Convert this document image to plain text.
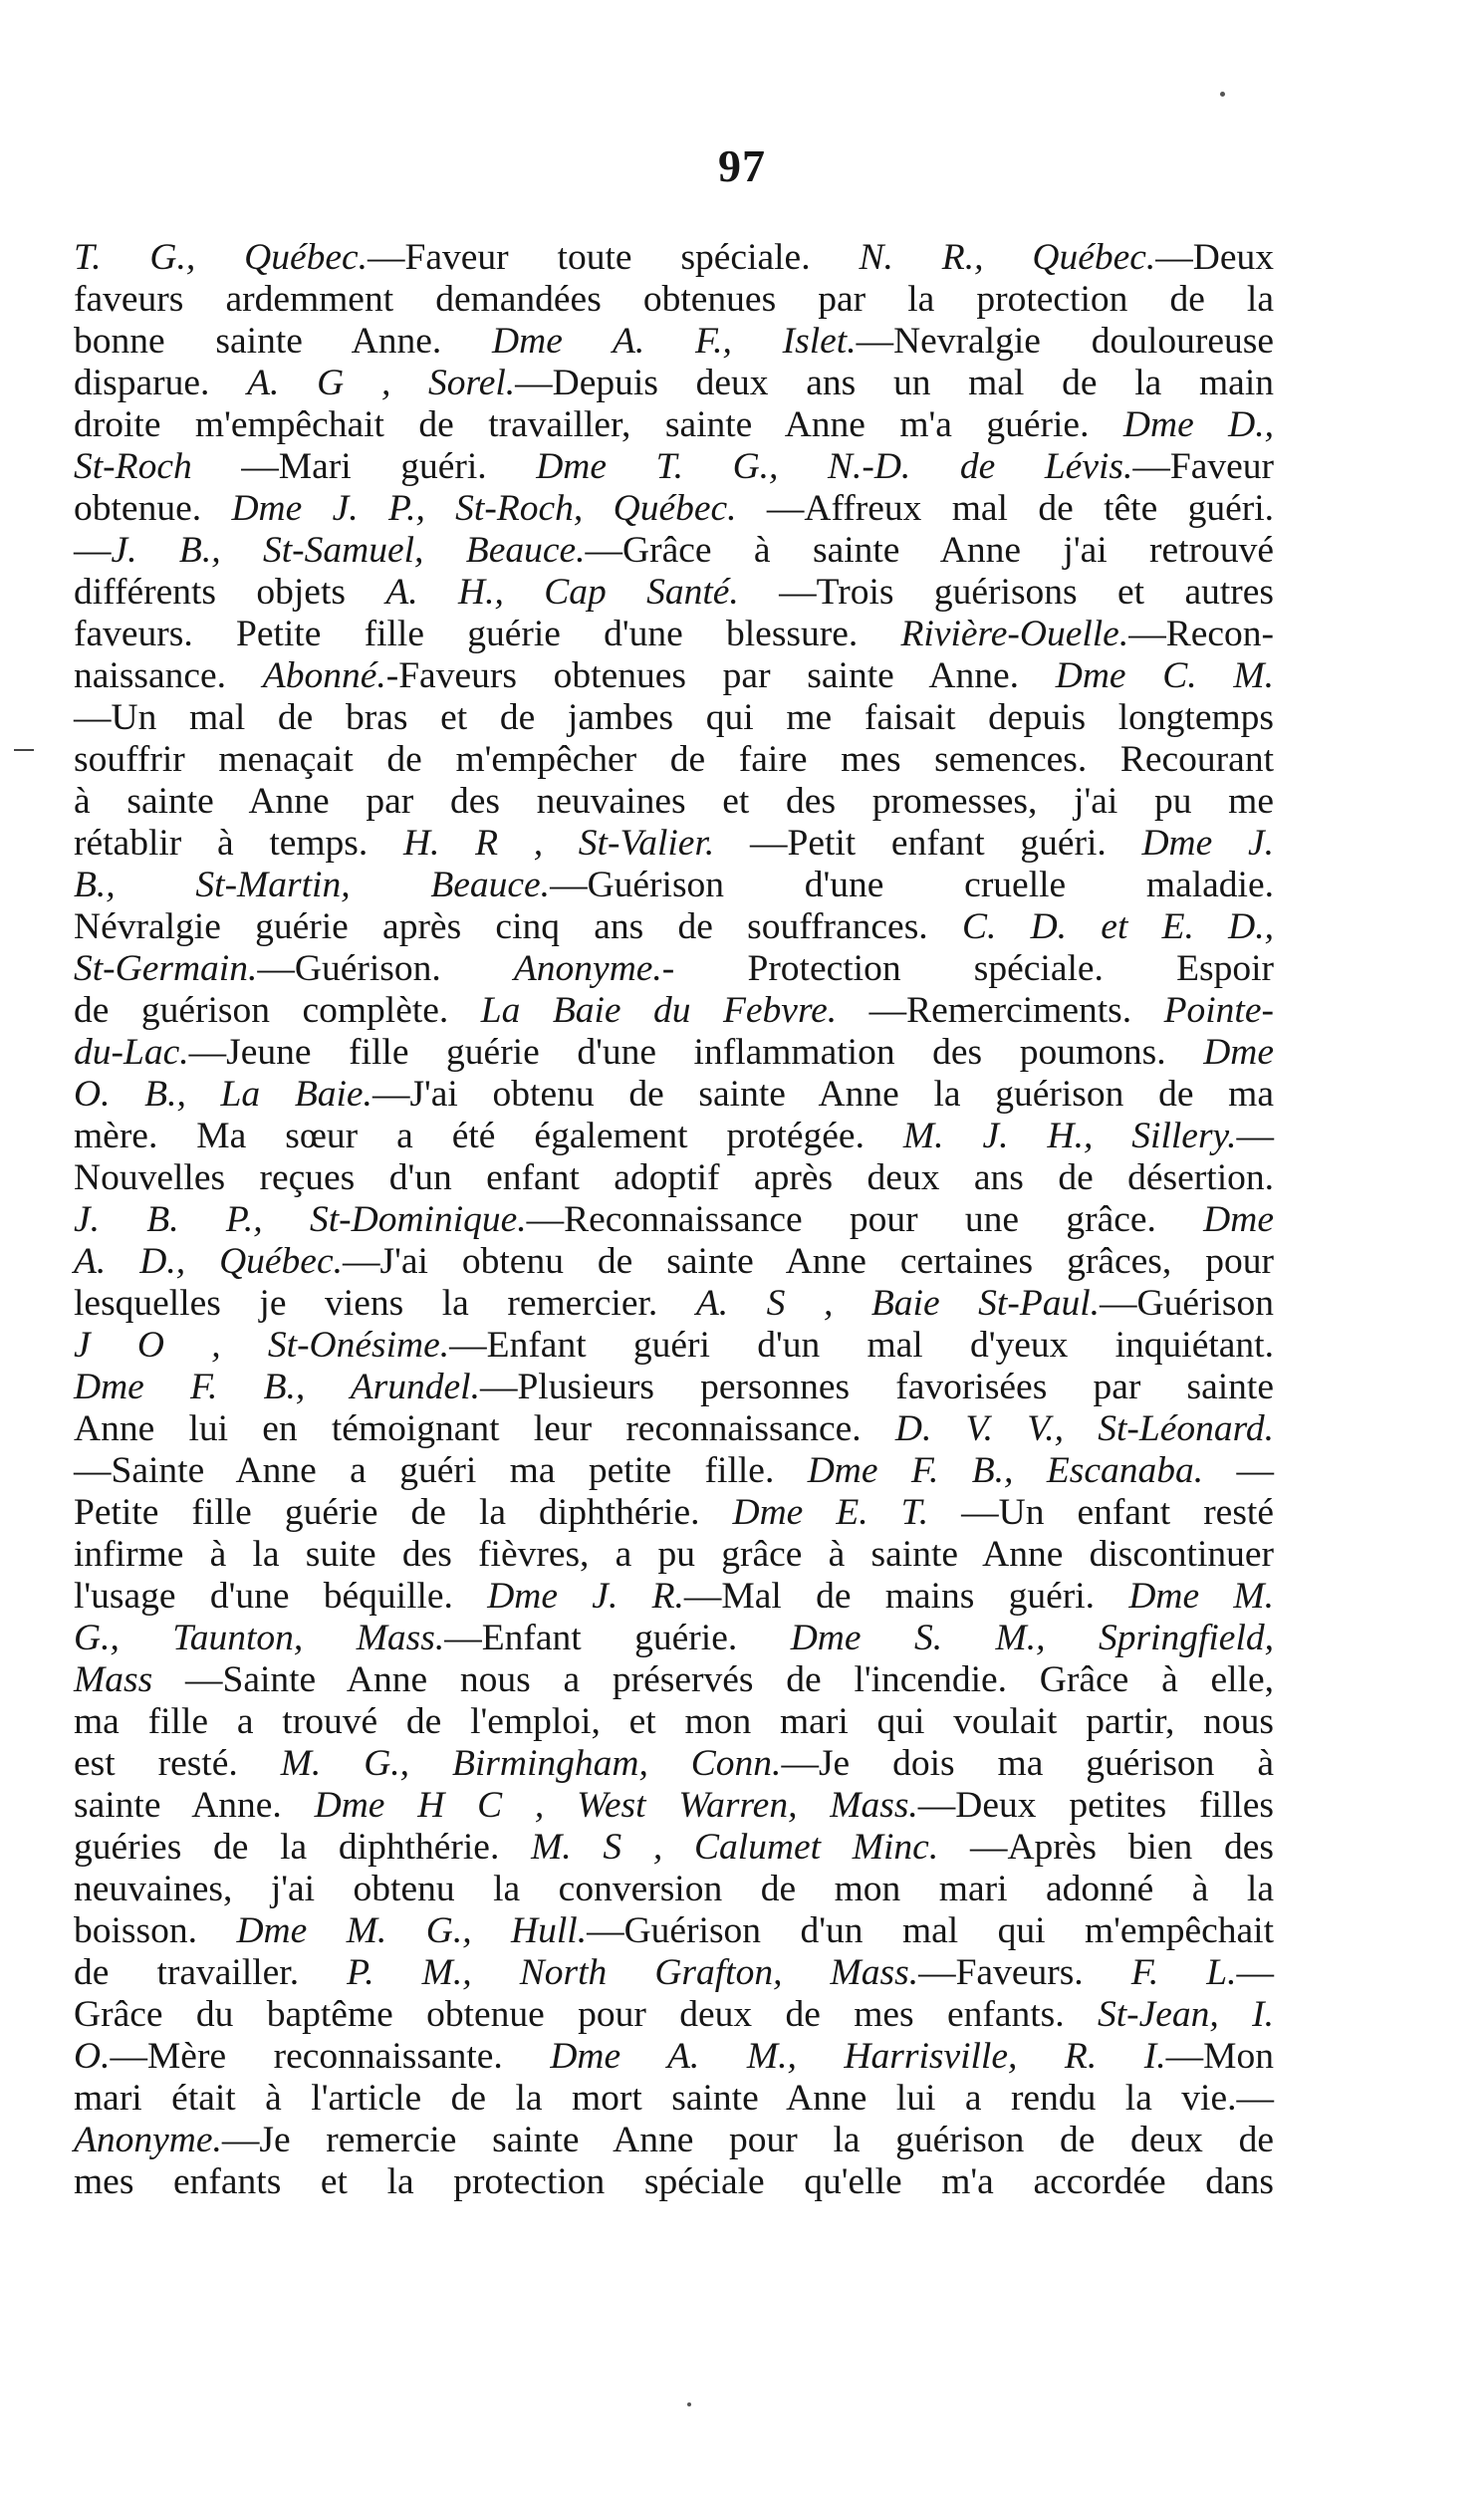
97
T. G., Québec.—Faveur toute spéciale. N. R., Québec.—Deux
faveurs ardemment demandées obtenues par la protection de la
bonne sainte Anne. Dme A. F., Islet.—Nevralgie douloureuse
disparue. A. G , Sorel.—Depuis deux ans un mal de la main
droite m'empêchait de travailler, sainte Anne m'a guérie. Dme D.,
St-Roch —Mari guéri. Dme T. G., N.-D. de Lévis.—Faveur
obtenue. Dme J. P., St-Roch, Québec. —Affreux mal de tête guéri.
—J. B., St-Samuel, Beauce.—Grâce à sainte Anne j'ai retrouvé
différents objets A. H., Cap Santé. —Trois guérisons et autres
faveurs. Petite fille guérie d'une blessure. Rivière-Ouelle.—Recon-
naissance. Abonné.-Faveurs obtenues par sainte Anne. Dme C. M.
—Un mal de bras et de jambes qui me faisait depuis longtemps
souffrir menaçait de m'empêcher de faire mes semences. Recourant
à sainte Anne par des neuvaines et des promesses, j'ai pu me
rétablir à temps. H. R , St-Valier. —Petit enfant guéri. Dme J.
B., St-Martin, Beauce.—Guérison d'une cruelle maladie.
Névralgie guérie après cinq ans de souffrances. C. D. et E. D.,
St-Germain.—Guérison. Anonyme.- Protection spéciale. Espoir
de guérison complète. La Baie du Febvre. —Remerciments. Pointe-
du-Lac.—Jeune fille guérie d'une inflammation des poumons. Dme
O. B., La Baie.—J'ai obtenu de sainte Anne la guérison de ma
mère. Ma sœur a été également protégée. M. J. H., Sillery.—
Nouvelles reçues d'un enfant adoptif après deux ans de désertion.
J. B. P., St-Dominique.—Reconnaissance pour une grâce. Dme
A. D., Québec.—J'ai obtenu de sainte Anne certaines grâces, pour
lesquelles je viens la remercier. A. S , Baie St-Paul.—Guérison
J O , St-Onésime.—Enfant guéri d'un mal d'yeux inquiétant.
Dme F. B., Arundel.—Plusieurs personnes favorisées par sainte
Anne lui en témoignant leur reconnaissance. D. V. V., St-Léonard.
—Sainte Anne a guéri ma petite fille. Dme F. B., Escanaba. —
Petite fille guérie de la diphthérie. Dme E. T. —Un enfant resté
infirme à la suite des fièvres, a pu grâce à sainte Anne discontinuer
l'usage d'une béquille. Dme J. R.—Mal de mains guéri. Dme M.
G., Taunton, Mass.—Enfant guérie. Dme S. M., Springfield,
Mass —Sainte Anne nous a préservés de l'incendie. Grâce à elle,
ma fille a trouvé de l'emploi, et mon mari qui voulait partir, nous
est resté. M. G., Birmingham, Conn.—Je dois ma guérison à
sainte Anne. Dme H C , West Warren, Mass.—Deux petites filles
guéries de la diphthérie. M. S , Calumet Minc. —Après bien des
neuvaines, j'ai obtenu la conversion de mon mari adonné à la
boisson. Dme M. G., Hull.—Guérison d'un mal qui m'empêchait
de travailler. P. M., North Grafton, Mass.—Faveurs. F. L.—
Grâce du baptême obtenue pour deux de mes enfants. St-Jean, I.
O.—Mère reconnaissante. Dme A. M., Harrisville, R. I.—Mon
mari était à l'article de la mort sainte Anne lui a rendu la vie.—
Anonyme.—Je remercie sainte Anne pour la guérison de deux de
mes enfants et la protection spéciale qu'elle m'a accordée dans
